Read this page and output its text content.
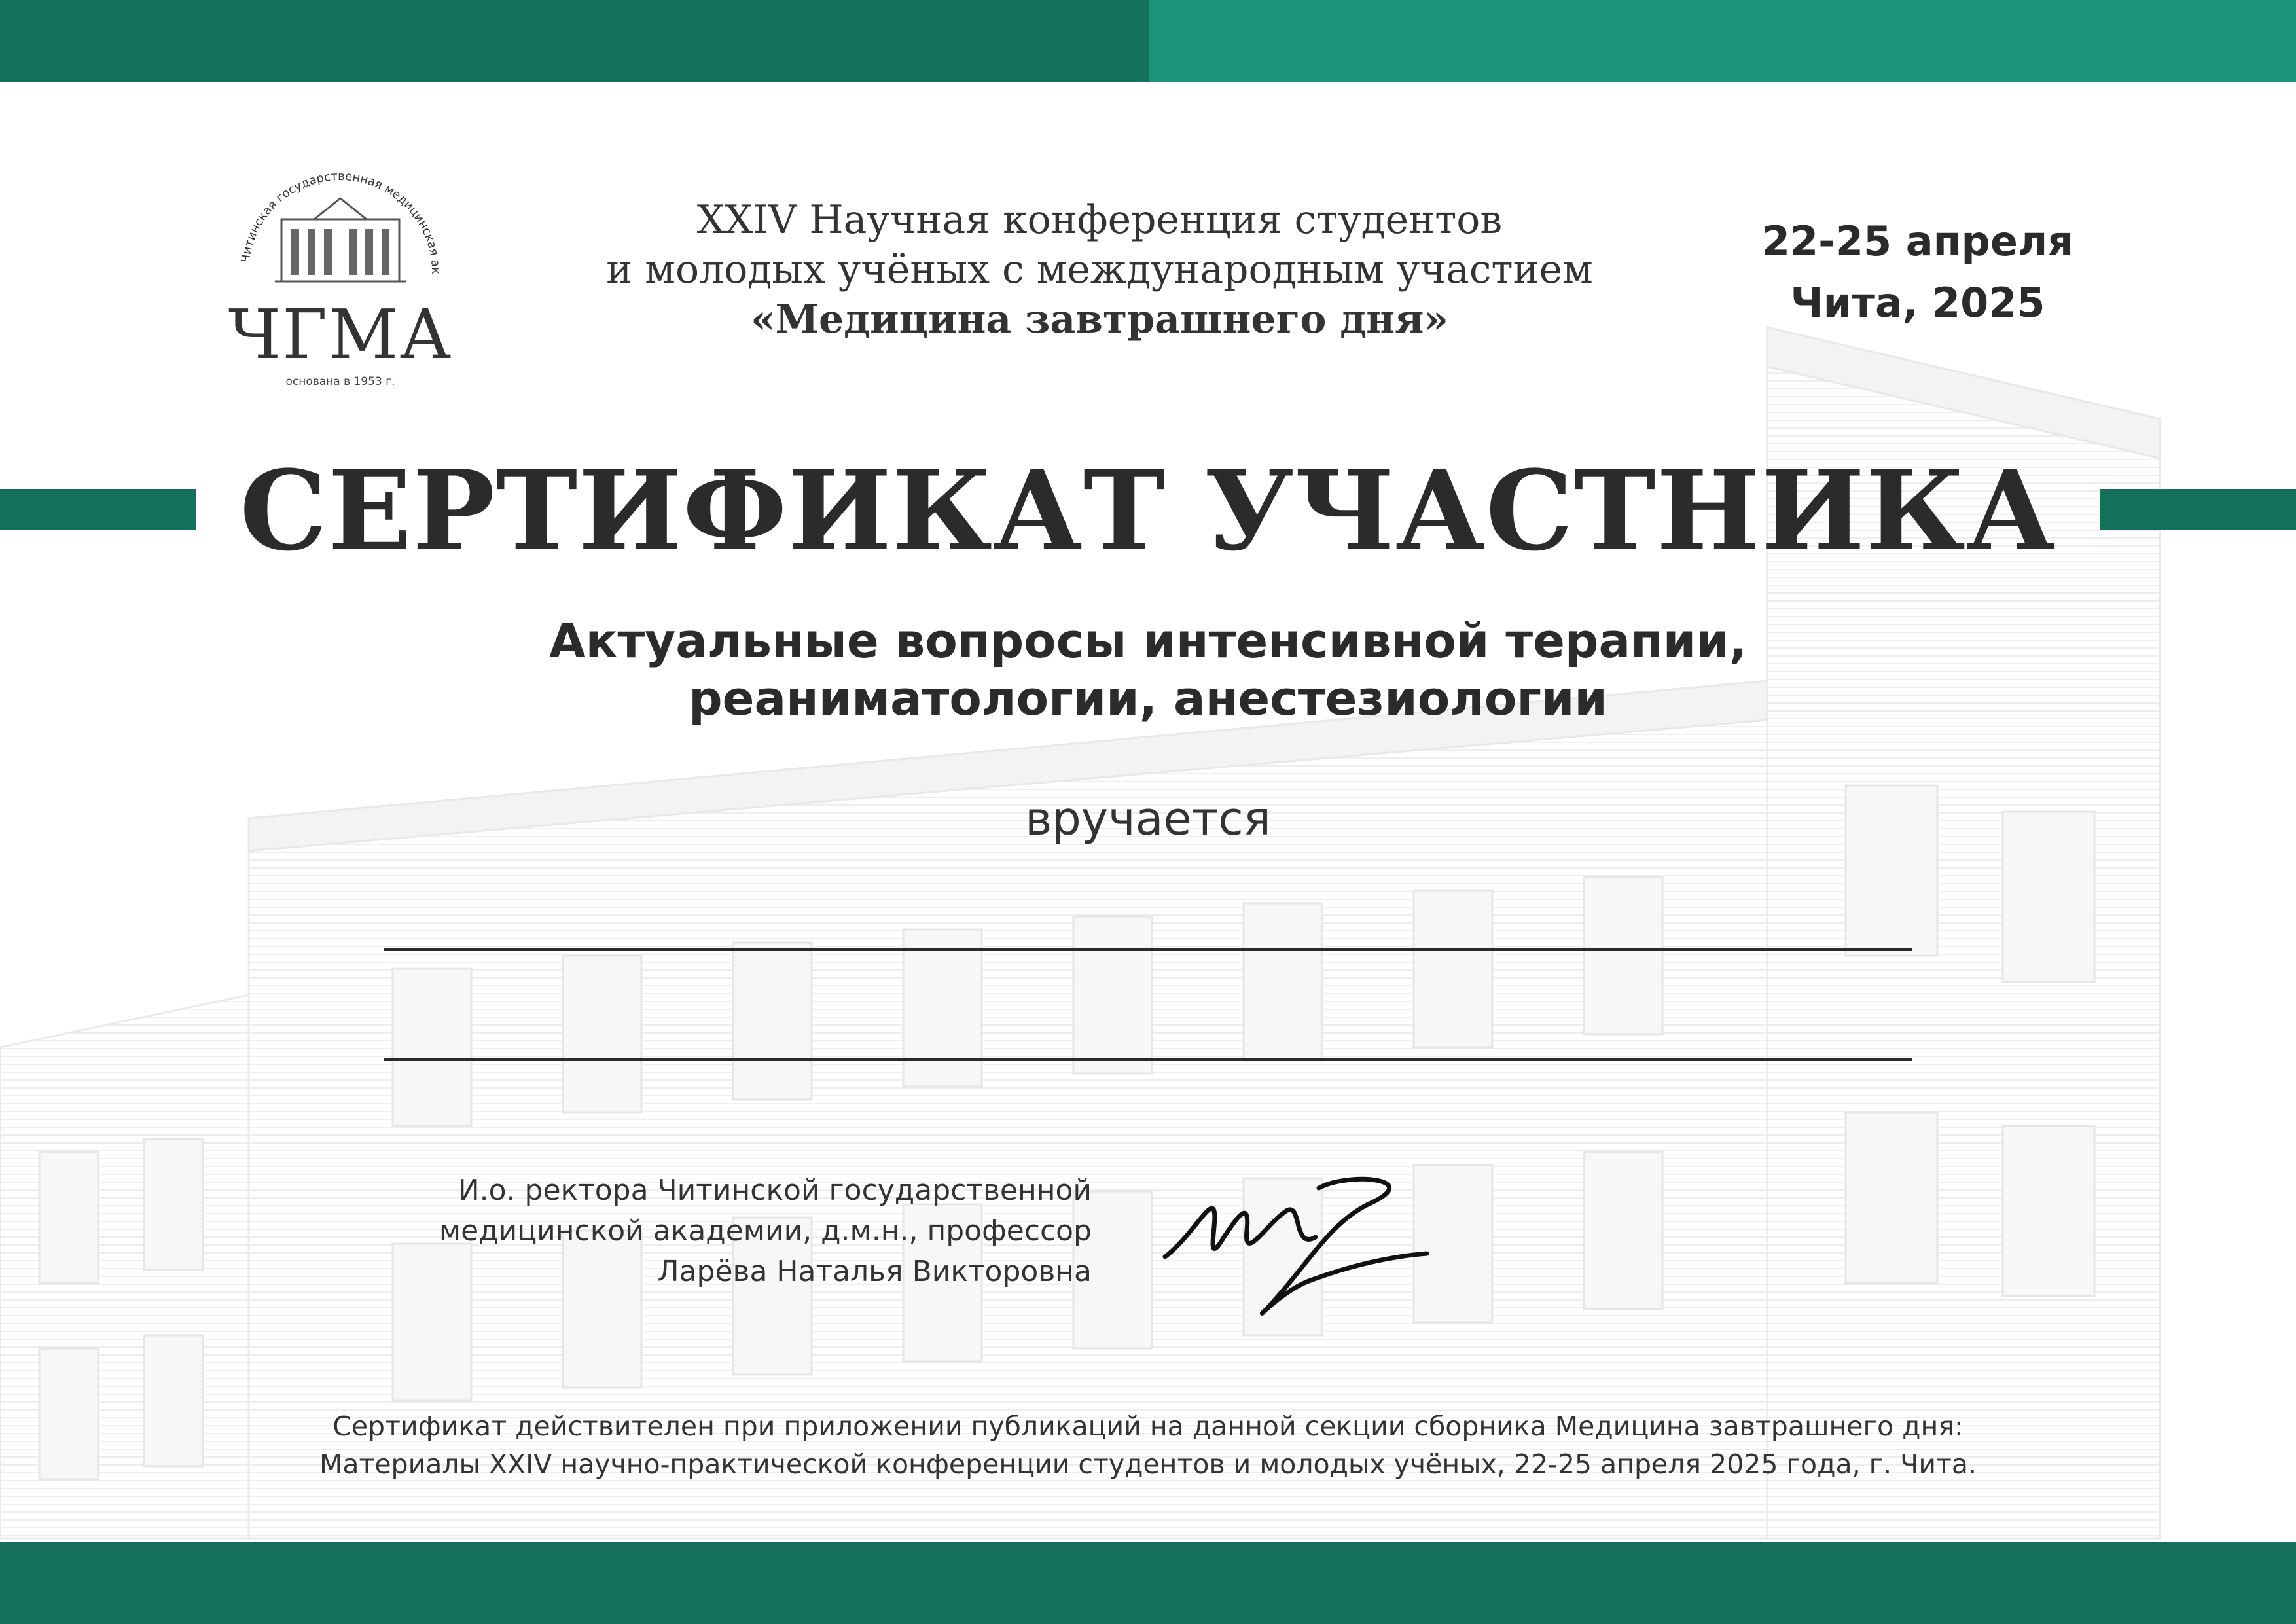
Читинская государственная медицинская ак
ЧГМА
основана в 1953 г.
XXIV Научная конференция студентов
и молодых учёных с международным участием
«Медицина завтрашнего дня»
22-25 апреля
Чита, 2025
СЕРТИФИКАТ УЧАСТНИКА
Актуальные вопросы интенсивной терапии,
реаниматологии, анестезиологии
вручается
И.о. ректора Читинской государственной
медицинской академии, д.м.н., профессор
Ларёва Наталья Викторовна
Сертификат действителен при приложении публикаций на данной секции сборника Медицина завтрашнего дня:
Материалы XXIV научно-практической конференции студентов и молодых учёных, 22-25 апреля 2025 года, г. Чита.
